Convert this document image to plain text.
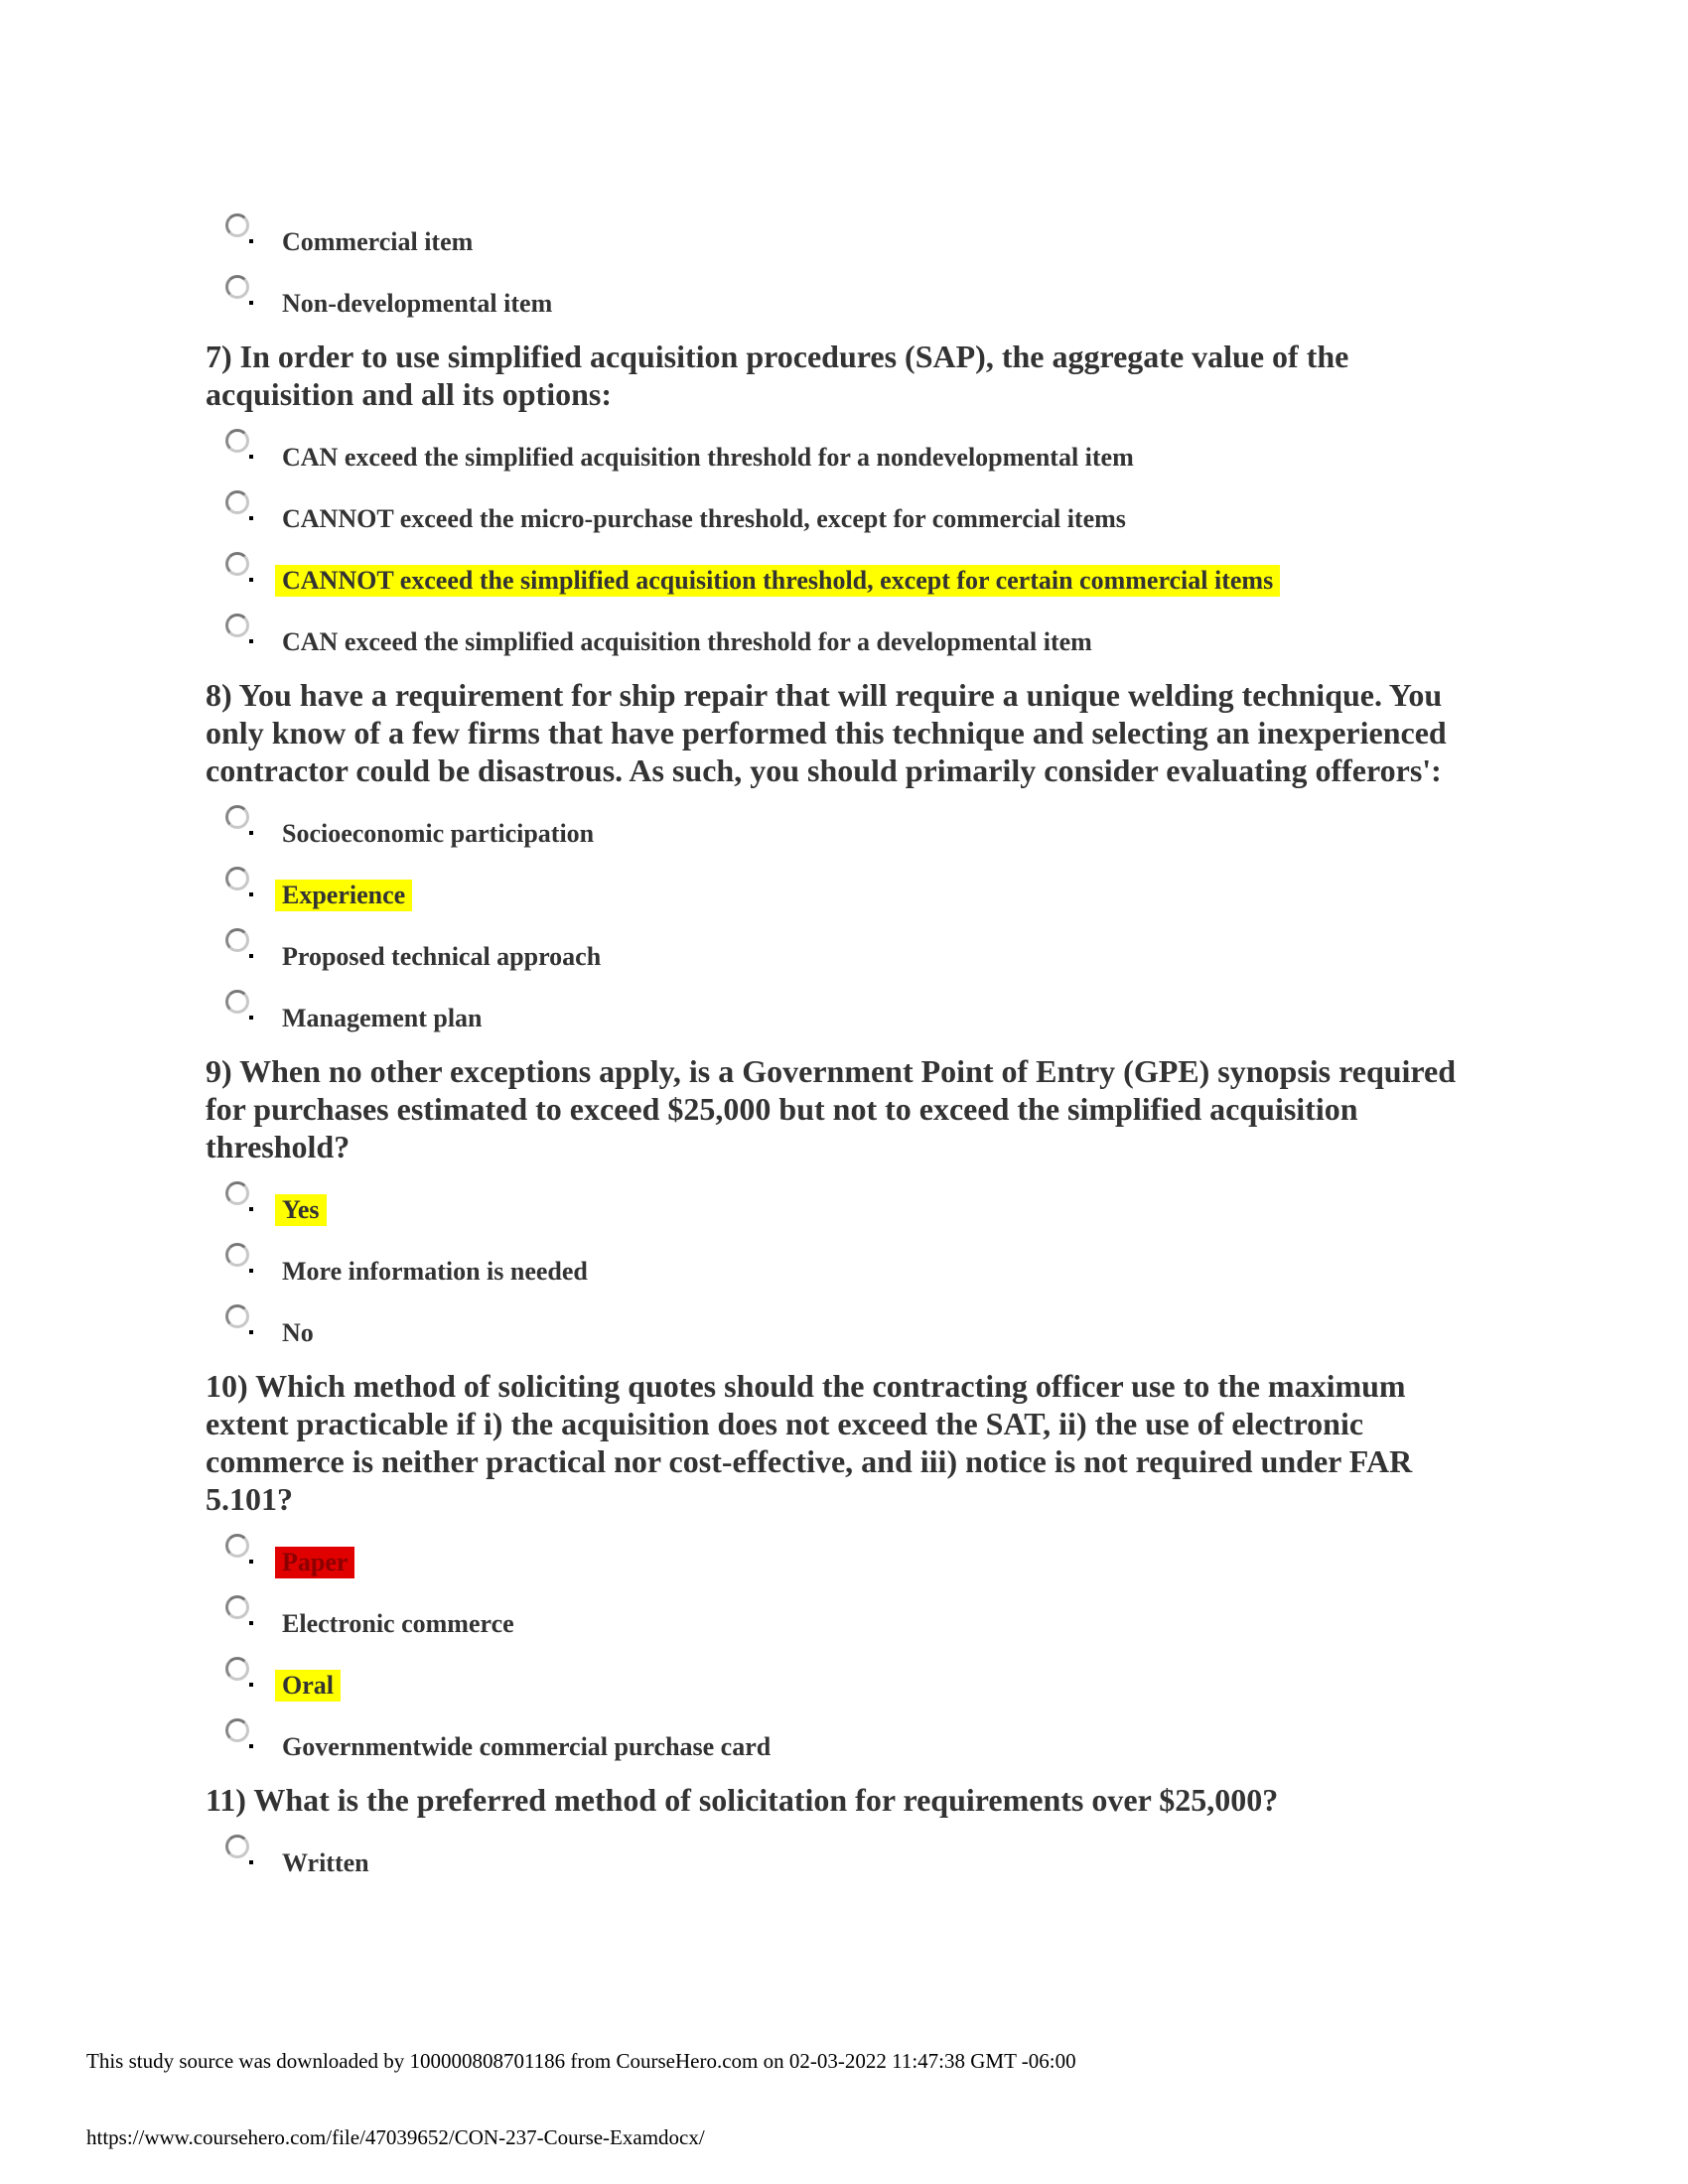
Commercial item
Non-developmental item
7) In order to use simplified acquisition procedures (SAP), the aggregate value of the acquisition and all its options:
CAN exceed the simplified acquisition threshold for a nondevelopmental item
CANNOT exceed the micro-purchase threshold, except for commercial items
CANNOT exceed the simplified acquisition threshold, except for certain commercial items
CAN exceed the simplified acquisition threshold for a developmental item
8) You have a requirement for ship repair that will require a unique welding technique. You only know of a few firms that have performed this technique and selecting an inexperienced contractor could be disastrous. As such, you should primarily consider evaluating offerors':
Socioeconomic participation
Experience
Proposed technical approach
Management plan
9) When no other exceptions apply, is a Government Point of Entry (GPE) synopsis required for purchases estimated to exceed $25,000 but not to exceed the simplified acquisition threshold?
Yes
More information is needed
No
10) Which method of soliciting quotes should the contracting officer use to the maximum extent practicable if i) the acquisition does not exceed the SAT, ii) the use of electronic commerce is neither practical nor cost-effective, and iii) notice is not required under FAR 5.101?
Paper
Electronic commerce
Oral
Governmentwide commercial purchase card
11) What is the preferred method of solicitation for requirements over $25,000?
Written
This study source was downloaded by 100000808701186 from CourseHero.com on 02-03-2022 11:47:38 GMT -06:00
https://www.coursehero.com/file/47039652/CON-237-Course-Examdocx/
